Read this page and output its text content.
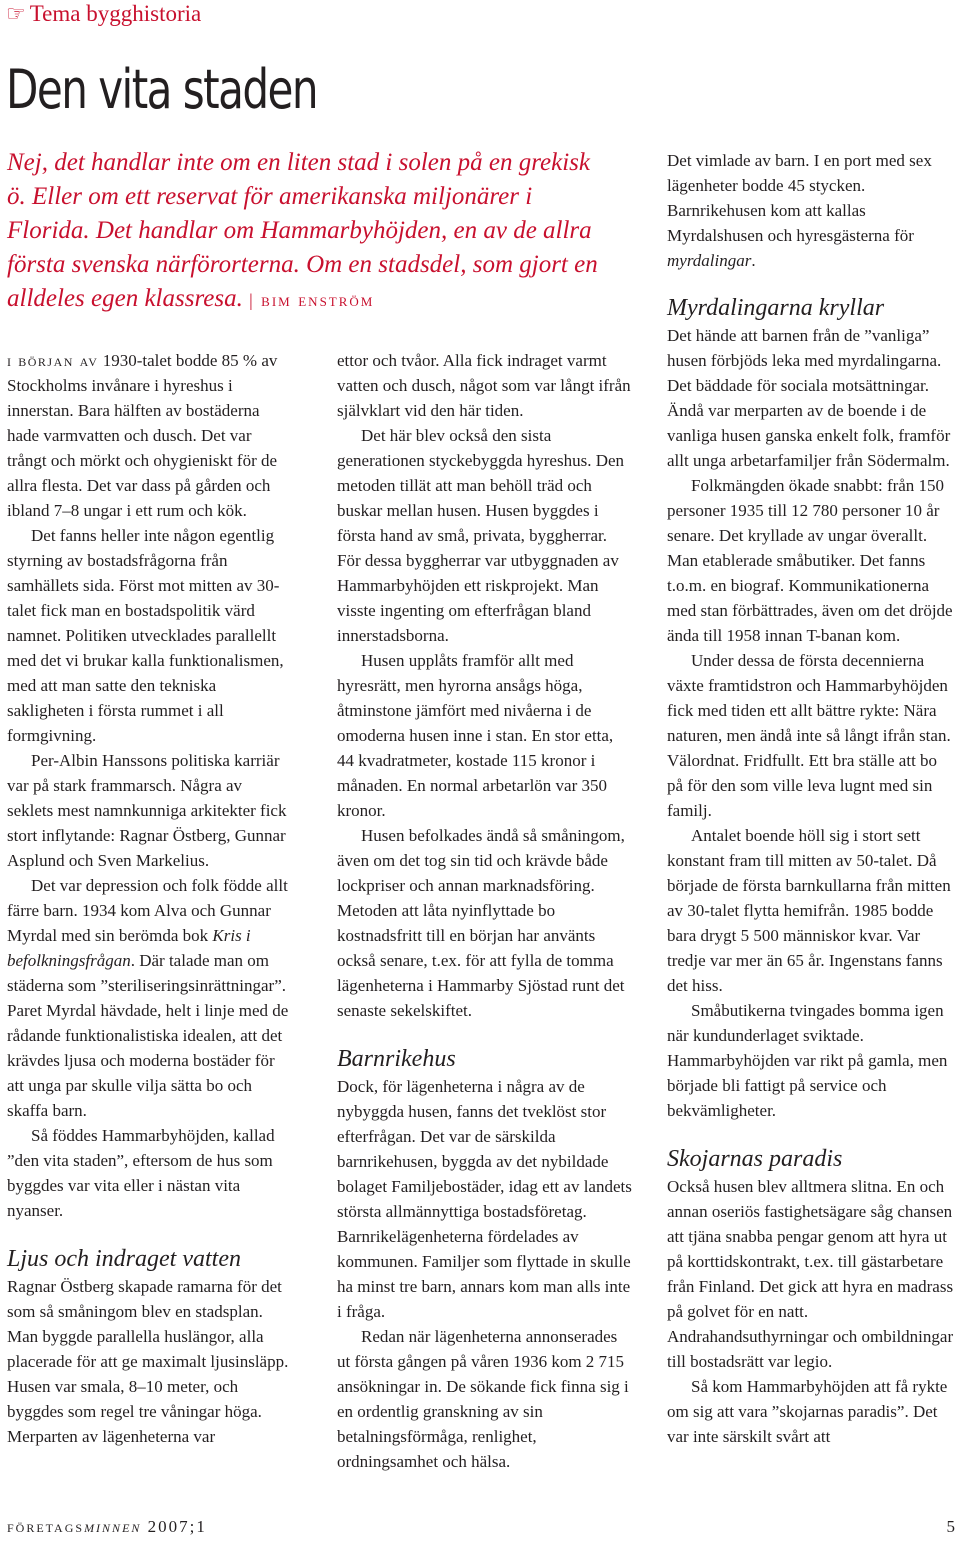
☞ Tema bygghistoria
Den vita staden
Nej, det handlar inte om en liten stad i solen på en grekisk ö. Eller om ett reservat för amerikanska miljonärer i Florida. Det handlar om Hammarbyhöjden, en av de allra första svenska närförorterna. Om en stadsdel, som gjort en alldeles egen klassresa. | bim enström

i början av 1930-talet bodde 85 % av Stockholms invånare i hyreshus i innerstan. Bara hälften av bostäderna hade varmvatten och dusch. Det var trångt och mörkt och ohygieniskt för de allra flesta. Det var dass på gården och ibland 7–8 ungar i ett rum och kök.

Det fanns heller inte någon egentlig styrning av bostadsfrågorna från samhällets sida. Först mot mitten av 30-talet fick man en bostadspolitik värd namnet. Politiken utvecklades parallellt med det vi brukar kalla funktionalismen, med att man satte den tekniska sakligheten i första rummet i all formgivning.

Per-Albin Hanssons politiska karriär var på stark frammarsch. Några av seklets mest namnkunniga arkitekter fick stort inflytande: Ragnar Östberg, Gunnar Asplund och Sven Markelius.

Det var depression och folk födde allt färre barn. 1934 kom Alva och Gunnar Myrdal med sin berömda bok Kris i befolkningsfrågan. Där talade man om städerna som ”steriliseringsinrättningar”. Paret Myrdal hävdade, helt i linje med de rådande funktionalistiska idealen, att det krävdes ljusa och moderna bostäder för att unga par skulle vilja sätta bo och skaffa barn.

Så föddes Hammarbyhöjden, kallad ”den vita staden”, eftersom de hus som byggdes var vita eller i nästan vita nyanser.

Ljus och indraget vatten

Ragnar Östberg skapade ramarna för det som så småningom blev en stadsplan. Man byggde parallella huslängor, alla placerade för att ge maximalt ljusinsläpp. Husen var smala, 8–10 meter, och byggdes som regel tre våningar höga. Merparten av lägenheterna var

ettor och tvåor. Alla fick indraget varmt vatten och dusch, något som var långt ifrån självklart vid den här tiden.

Det här blev också den sista generationen styckebyggda hyreshus. Den metoden tillät att man behöll träd och buskar mellan husen. Husen byggdes i första hand av små, privata, byggherrar. För dessa byggherrar var utbyggnaden av Hammarbyhöjden ett riskprojekt. Man visste ingenting om efterfrågan bland innerstadsborna.

Husen upplåts framför allt med hyresrätt, men hyrorna ansågs höga, åtminstone jämfört med nivåerna i de omoderna husen inne i stan. En stor etta, 44 kvadratmeter, kostade 115 kronor i månaden. En normal arbetarlön var 350 kronor.

Husen befolkades ändå så småningom, även om det tog sin tid och krävde både lockpriser och annan marknadsföring. Metoden att låta nyinflyttade bo kostnadsfritt till en början har använts också senare, t.ex. för att fylla de tomma lägenheterna i Hammarby Sjöstad runt det senaste sekelskiftet.

Barnrikehus

Dock, för lägenheterna i några av de nybyggda husen, fanns det tveklöst stor efterfrågan. Det var de särskilda barnrikehusen, byggda av det nybildade bolaget Familjebostäder, idag ett av landets största allmännyttiga bostadsföretag. Barnrikelägenheterna fördelades av kommunen. Familjer som flyttade in skulle ha minst tre barn, annars kom man alls inte i fråga.

Redan när lägenheterna annonserades ut första gången på våren 1936 kom 2 715 ansökningar in. De sökande fick finna sig i en ordentlig granskning av sin betalningsförmåga, renlighet, ordningsamhet och hälsa.

Det vimlade av barn. I en port med sex lägenheter bodde 45 stycken. Barnrikehusen kom att kallas Myrdalshusen och hyresgästerna för myrdalingar.

Myrdalingarna kryllar

Det hände att barnen från de ”vanliga” husen förbjöds leka med myrdalingarna. Det bäddade för sociala motsättningar. Ändå var merparten av de boende i de vanliga husen ganska enkelt folk, framför allt unga arbetarfamiljer från Södermalm.

Folkmängden ökade snabbt: från 150 personer 1935 till 12 780 personer 10 år senare. Det kryllade av ungar överallt. Man etablerade småbutiker. Det fanns t.o.m. en biograf. Kommunikationerna med stan förbättrades, även om det dröjde ända till 1958 innan T-banan kom.

Under dessa de första decennierna växte framtidstron och Hammarbyhöjden fick med tiden ett allt bättre rykte: Nära naturen, men ändå inte så långt ifrån stan. Välordnat. Fridfullt. Ett bra ställe att bo på för den som ville leva lugnt med sin familj.

Antalet boende höll sig i stort sett konstant fram till mitten av 50-talet. Då började de första barnkullarna från mitten av 30-talet flytta hemifrån. 1985 bodde bara drygt 5 500 människor kvar. Var tredje var mer än 65 år. Ingenstans fanns det hiss.

Småbutikerna tvingades bomma igen när kundunderlaget sviktade. Hammarbyhöjden var rikt på gamla, men började bli fattigt på service och bekvämligheter.

Skojarnas paradis

Också husen blev alltmera slitna. En och annan oseriös fastighetsägare såg chansen att tjäna snabba pengar genom att hyra ut på korttidskontrakt, t.ex. till gästarbetare från Finland. Det gick att hyra en madrass på golvet för en natt. Andrahandsuthyrningar och ombildningar till bostadsrätt var legio.

Så kom Hammarbyhöjden att få rykte om sig att vara ”skojarnas paradis”. Det var inte särskilt svårt att

företagsminnen 2007;1	5
